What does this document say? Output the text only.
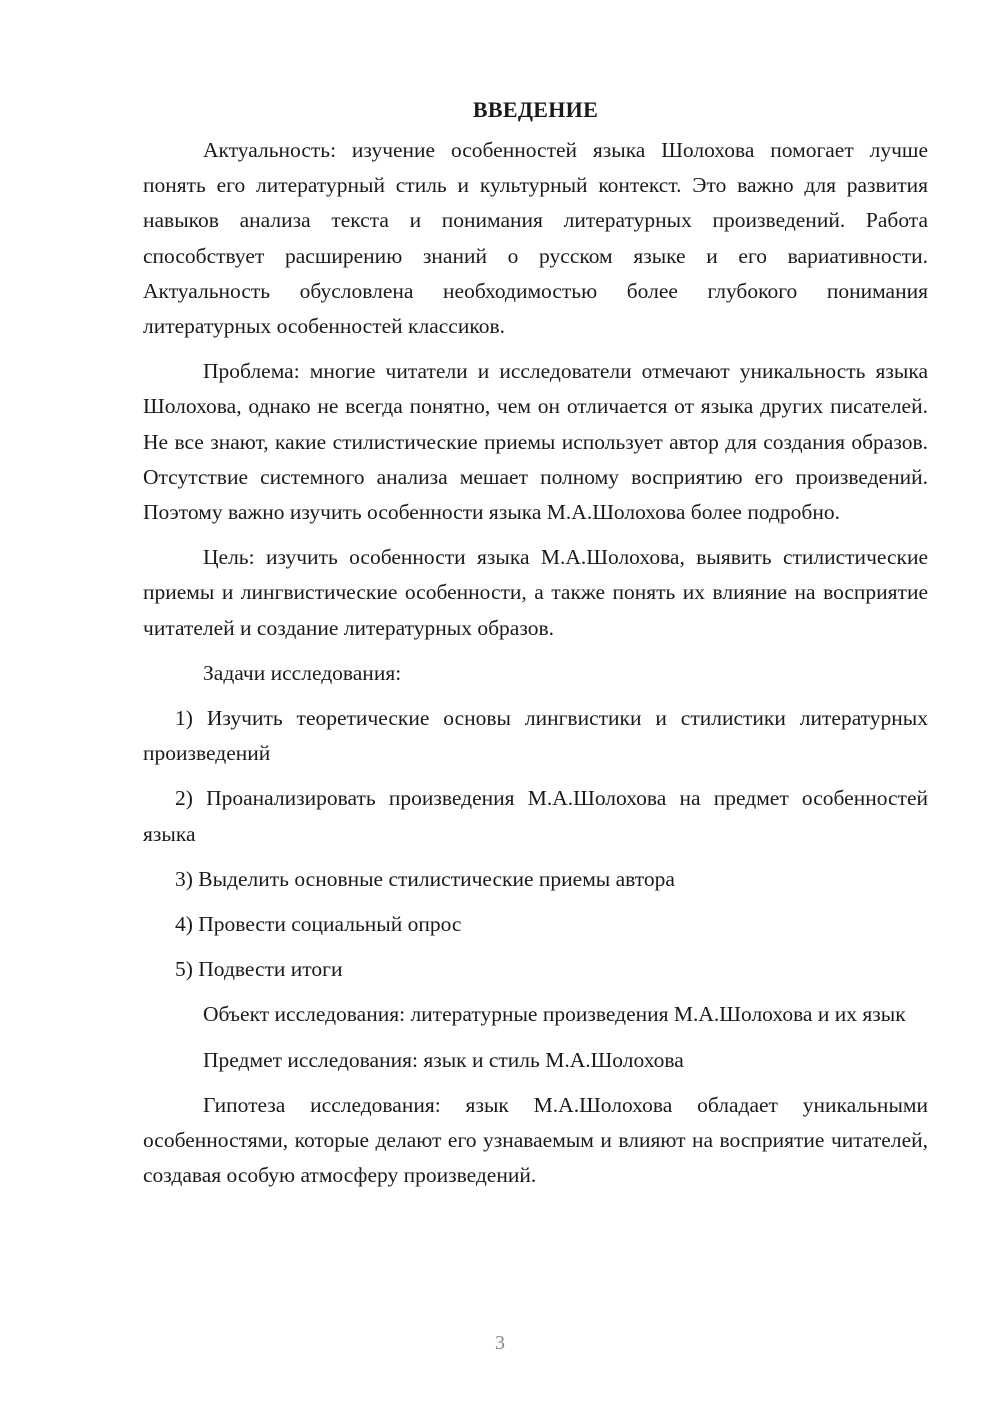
ВВЕДЕНИЕ

Актуальность: изучение особенностей языка Шолохова помогает лучше понять его литературный стиль и культурный контекст. Это важно для развития навыков анализа текста и понимания литературных произведений. Работа способствует расширению знаний о русском языке и его вариативности. Актуальность обусловлена необходимостью более глубокого понимания литературных особенностей классиков.

Проблема: многие читатели и исследователи отмечают уникальность языка Шолохова, однако не всегда понятно, чем он отличается от языка других писателей. Не все знают, какие стилистические приемы использует автор для создания образов. Отсутствие системного анализа мешает полному восприятию его произведений. Поэтому важно изучить особенности языка М.А.Шолохова более подробно.

Цель: изучить особенности языка М.А.Шолохова, выявить стилистические приемы и лингвистические особенности, а также понять их влияние на восприятие читателей и создание литературных образов.

Задачи исследования:

1) Изучить теоретические основы лингвистики и стилистики литературных произведений

2) Проанализировать произведения М.А.Шолохова на предмет особенностей языка

3) Выделить основные стилистические приемы автора

4) Провести социальный опрос

5) Подвести итоги

Объект исследования: литературные произведения М.А.Шолохова и их язык

Предмет исследования: язык и стиль М.А.Шолохова

Гипотеза исследования: язык М.А.Шолохова обладает уникальными особенностями, которые делают его узнаваемым и влияют на восприятие читателей, создавая особую атмосферу произведений.

3
